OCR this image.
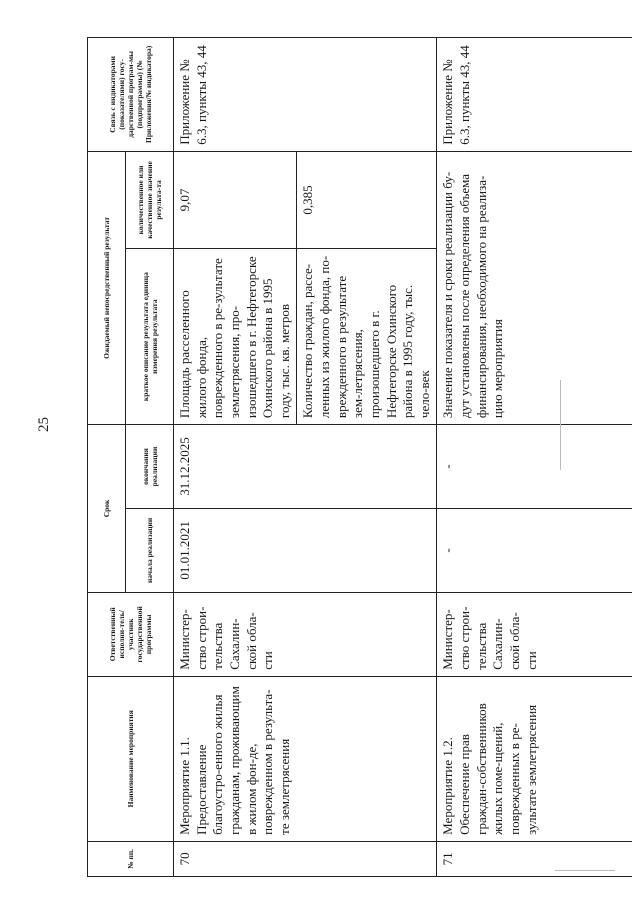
25
№ пп.	Наименование мероприятия	Ответственный исполни-тель/участник государственной программы	Срок		Ожидаемый непосредственный результат		Связь с индикаторами (показателями) госу-дарственной програм-мы (подпрограммы) (№ Приложения/№ индикатора)
			начала реализации	окончания реализации	краткое описание результата единица измерения результата	количественное или качественное значение результа-та	
70	Мероприятие 1.1. Предоставление благоустро-енного жилья гражданам, проживающим в жилом фон-де, поврежденном в результа-те землетрясения	Министер-ство строи-тельства Сахалин-ской обла-сти	01.01.2021	31.12.2025	Площадь расселенного жилого фонда, поврежденного в ре-зультате землетрясения, про-изошедшего в г. Нефтегорске Охинского района в 1995 году, тыс. кв. метров	9,07	Приложение № 6.3, пункты 43, 44
					Количество граждан, рассе-ленных из жилого фонда, по-врежденного в результате зем-летрясения, произошедшего в г. Нефтегорске Охинского района в 1995 году, тыс. чело-век	0,385	
71	Мероприятие 1.2. Обеспечение прав граждан-собственников жилых поме-щений, поврежденных в ре-зультате землетрясения	Министер-ство строи-тельства Сахалин-ской обла-сти	-	-	Значение показателя и сроки реализации бу-дут установлены после определения объема финансирования, необходимого на реализа-цию мероприятия		Приложение № 6.3, пункты 43, 44
